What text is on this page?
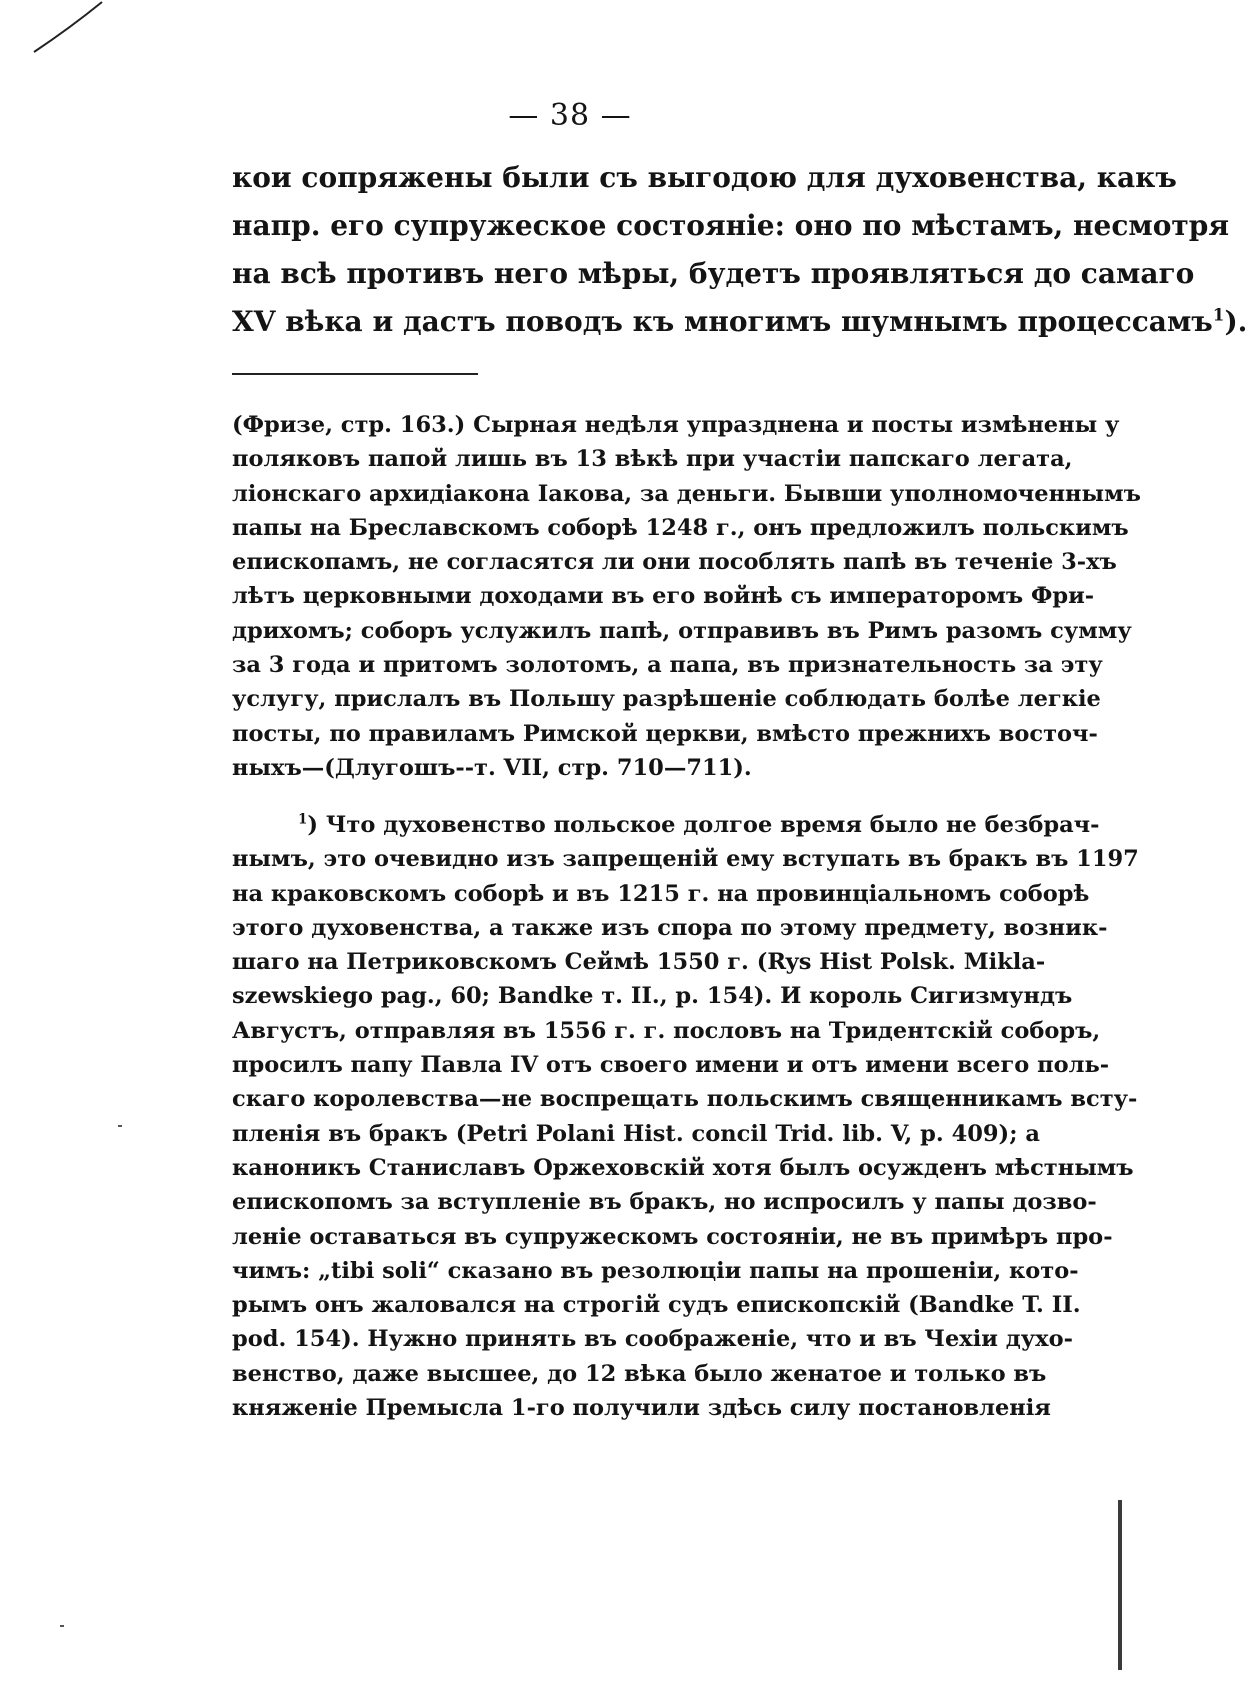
— 38 —
кои сопряжены были съ выгодою для духовенства, какъ
напр. его супружеское состоянiе: оно по мѣстамъ, несмотря
на всѣ противъ него мѣры, будетъ проявляться до самаго
XV вѣка и дастъ поводъ къ многимъ шумнымъ процессамъ$^1$).
(Фризе, стр. 163.) Сырная недѣля упразднена и посты измѣнены у
поляковъ папой лишь въ 13 вѣкѣ при участiи папскаго легата,
лiонскаго архидiакона Iакова, за деньги. Бывши уполномоченнымъ
папы на Бреславскомъ соборѣ 1248 г., онъ предложилъ польскимъ
епископамъ, не согласятся ли они пособлять папѣ въ теченiе 3-хъ
лѣтъ церковными доходами въ его войнѣ съ императоромъ Фри-
дрихомъ; соборъ услужилъ папѣ, отправивъ въ Римъ разомъ сумму
за 3 года и притомъ золотомъ, а папа, въ признательность за эту
услугу, прислалъ въ Польшу разрѣшенiе соблюдать болѣе легкiе
посты, по правиламъ Римской церкви, вмѣсто прежнихъ восточ-
ныхъ—(Длугошъ--т. VII, стр. 710—711).
$^1$) Что духовенство польское долгое время было не безбрач-
нымъ, это очевидно изъ запрещенiй ему вступать въ бракъ въ 1197
на краковскомъ соборѣ и въ 1215 г. на провинцiальномъ соборѣ
этого духовенства, а также изъ спора по этому предмету, возник-
шаго на Петриковскомъ Сеймѣ 1550 г. (Rys Hist Polsk. Mikla-
szewskiego pag., 60; Bandke т. II., р. 154). И король Сигизмундъ
Августъ, отправляя въ 1556 г. г. пословъ на Тридентскiй соборъ,
просилъ папу Павла IV отъ своего имени и отъ имени всего поль-
скаго королевства—не воспрещать польскимъ священникамъ всту-
пленiя въ бракъ (Petri Polani Hist. concil Trid. lib. V, p. 409); а
каноникъ Станиславъ Оржеховскiй хотя былъ осужденъ мѣстнымъ
епископомъ за вступленiе въ бракъ, но испросилъ у папы дозво-
ленiе оставаться въ супружескомъ состоянiи, не въ примѣръ про-
чимъ: „tibi soli“ сказано въ резолюцiи папы на прошенiи, кото-
рымъ онъ жаловался на строгiй судъ епископскiй (Bandke T. II.
pod. 154). Нужно принять въ соображенiе, что и въ Чехiи духо-
венство, даже высшее, до 12 вѣка было женатое и только въ
княженiе Премысла 1-го получили здѣсь силу постановленiя
